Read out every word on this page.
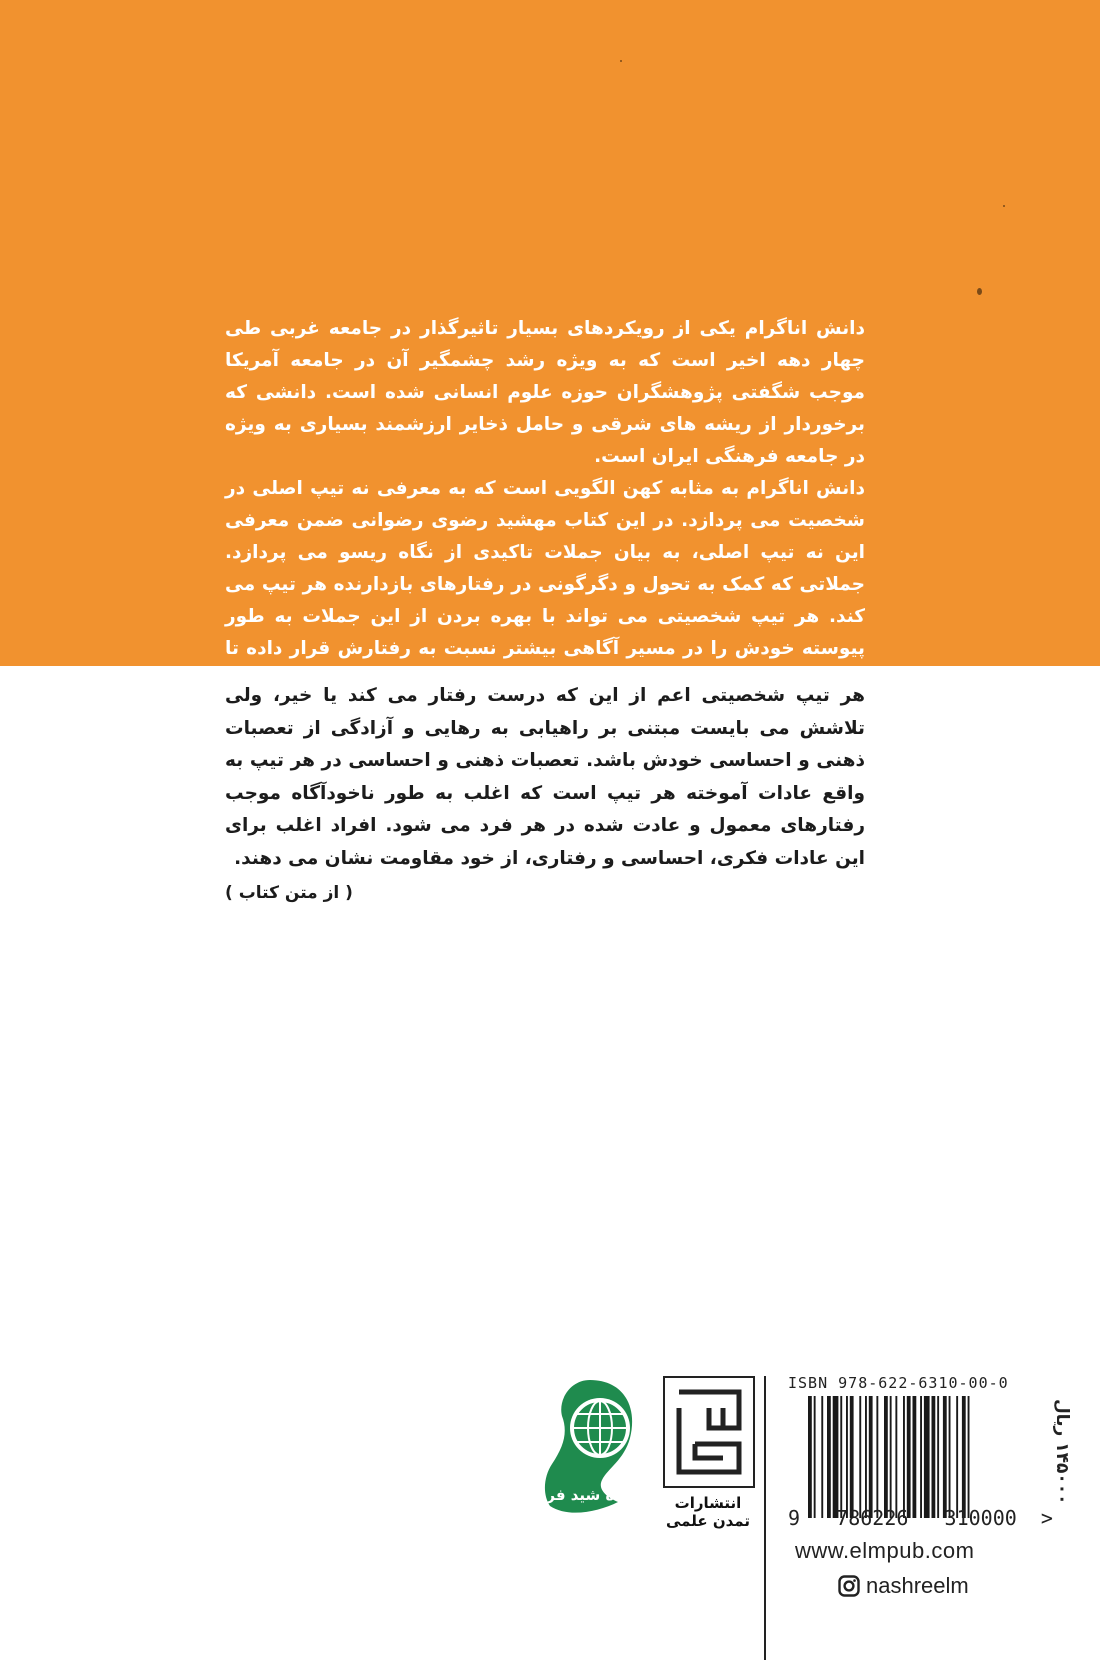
دانش اناگرام یکی از رویکردهای بسیار تاثیرگذار در جامعه غربی طی چهار دهه اخیر است که به ویژه رشد چشمگیر آن در جامعه آمریکا موجب شگفتی پژوهشگران حوزه علوم انسانی شده است. دانشی که برخوردار از ریشه های شرقی و حامل ذخایر ارزشمند بسیاری به ویژه در جامعه فرهنگی ایران است.

دانش اناگرام به مثابه کهن الگویی است که به معرفی نه تیپ اصلی در شخصیت می پردازد. در این کتاب مهشید رضوی رضوانی ضمن معرفی این نه تیپ اصلی، به بیان جملات تاکیدی از نگاه ریسو می پردازد. جملاتی که کمک به تحول و دگرگونی در رفتارهای بازدارنده هر تیپ می کند. هر تیپ شخصیتی می تواند با بهره بردن از این جملات به طور پیوسته خودش را در مسیر آگاهی بیشتر نسبت به رفتارش قرار داده تا در مسیر تعالی اش پیش رود.

هر تیپ شخصیتی اعم از این که درست رفتار می کند یا خیر، ولی تلاشش می بایست مبتنی بر راهیابی به رهایی و آزادگی از تعصبات ذهنی و احساسی خودش باشد. تعصبات ذهنی و احساسی در هر تیپ به واقع عادات آموخته هر تیپ است که اغلب به طور ناخودآگاه موجب رفتارهای معمول و عادت شده در هر فرد می شود. افراد اغلب برای این عادات فکری، احساسی و رفتاری، از خود مقاومت نشان می دهند.

( از متن کتاب )
ماه شید فرد	انتشارات
تمدن علمی
ISBN 978-622-6310-00-0
9   786226   310000  >
۱۴۵۰۰۰ ریال
www.elmpub.com
nashreelm
